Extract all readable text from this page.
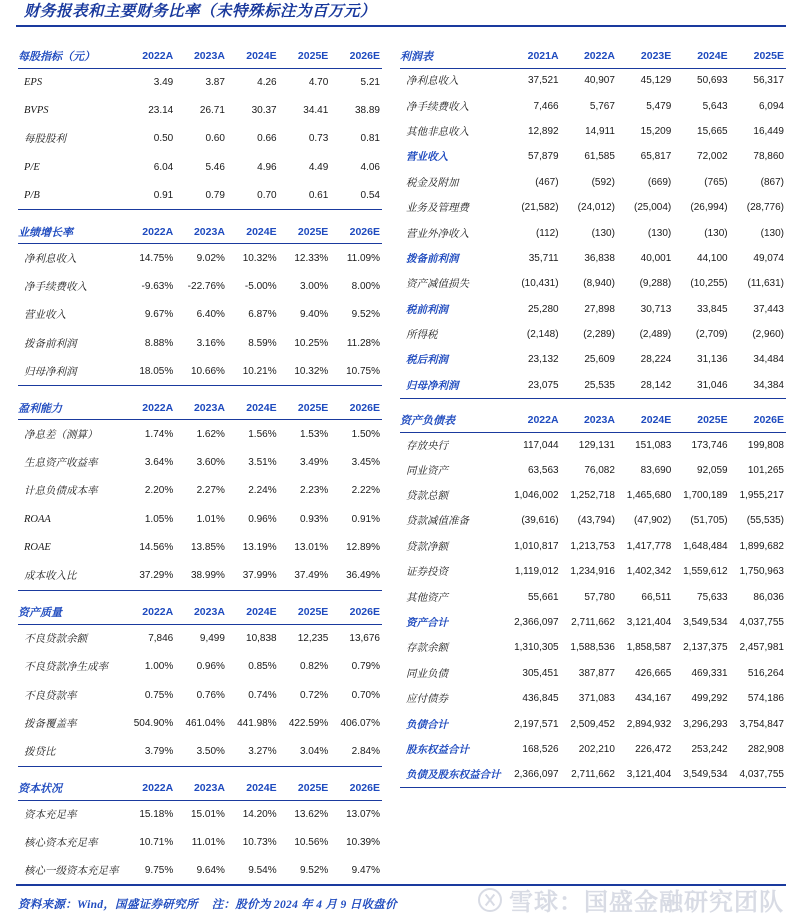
财务报表和主要财务比率（未特殊标注为百万元）
每股指标（元）	2022A	2023A	2024E	2025E	2026E
EPS	3.49	3.87	4.26	4.70	5.21
BVPS	23.14	26.71	30.37	34.41	38.89
每股股利	0.50	0.60	0.66	0.73	0.81
P/E	6.04	5.46	4.96	4.49	4.06
P/B	0.91	0.79	0.70	0.61	0.54

业绩增长率	2022A	2023A	2024E	2025E	2026E
净利息收入	14.75%	9.02%	10.32%	12.33%	11.09%
净手续费收入	-9.63%	-22.76%	-5.00%	3.00%	8.00%
营业收入	9.67%	6.40%	6.87%	9.40%	9.52%
拨备前利润	8.88%	3.16%	8.59%	10.25%	11.28%
归母净利润	18.05%	10.66%	10.21%	10.32%	10.75%

盈利能力	2022A	2023A	2024E	2025E	2026E
净息差（测算）	1.74%	1.62%	1.56%	1.53%	1.50%
生息资产收益率	3.64%	3.60%	3.51%	3.49%	3.45%
计息负债成本率	2.20%	2.27%	2.24%	2.23%	2.22%
ROAA	1.05%	1.01%	0.96%	0.93%	0.91%
ROAE	14.56%	13.85%	13.19%	13.01%	12.89%
成本收入比	37.29%	38.99%	37.99%	37.49%	36.49%

资产质量	2022A	2023A	2024E	2025E	2026E
不良贷款余额	7,846	9,499	10,838	12,235	13,676
不良贷款净生成率	1.00%	0.96%	0.85%	0.82%	0.79%
不良贷款率	0.75%	0.76%	0.74%	0.72%	0.70%
拨备覆盖率	504.90%	461.04%	441.98%	422.59%	406.07%
拨贷比	3.79%	3.50%	3.27%	3.04%	2.84%

资本状况	2022A	2023A	2024E	2025E	2026E
资本充足率	15.18%	15.01%	14.20%	13.62%	13.07%
核心资本充足率	10.71%	11.01%	10.73%	10.56%	10.39%
核心一级资本充足率	9.75%	9.64%	9.54%	9.52%	9.47%
利润表	2021A	2022A	2023E	2024E	2025E
净利息收入	37,521	40,907	45,129	50,693	56,317
净手续费收入	7,466	5,767	5,479	5,643	6,094
其他非息收入	12,892	14,911	15,209	15,665	16,449
营业收入	57,879	61,585	65,817	72,002	78,860
税金及附加	(467)	(592)	(669)	(765)	(867)
业务及管理费	(21,582)	(24,012)	(25,004)	(26,994)	(28,776)
营业外净收入	(112)	(130)	(130)	(130)	(130)
拨备前利润	35,711	36,838	40,001	44,100	49,074
资产减值损失	(10,431)	(8,940)	(9,288)	(10,255)	(11,631)
税前利润	25,280	27,898	30,713	33,845	37,443
所得税	(2,148)	(2,289)	(2,489)	(2,709)	(2,960)
税后利润	23,132	25,609	28,224	31,136	34,484
归母净利润	23,075	25,535	28,142	31,046	34,384

资产负债表	2022A	2023A	2024E	2025E	2026E
存放央行	117,044	129,131	151,083	173,746	199,808
同业资产	63,563	76,082	83,690	92,059	101,265
贷款总额	1,046,002	1,252,718	1,465,680	1,700,189	1,955,217
贷款减值准备	(39,616)	(43,794)	(47,902)	(51,705)	(55,535)
贷款净额	1,010,817	1,213,753	1,417,778	1,648,484	1,899,682
证券投资	1,119,012	1,234,916	1,402,342	1,559,612	1,750,963
其他资产	55,661	57,780	66,511	75,633	86,036
资产合计	2,366,097	2,711,662	3,121,404	3,549,534	4,037,755
存款余额	1,310,305	1,588,536	1,858,587	2,137,375	2,457,981
同业负债	305,451	387,877	426,665	469,331	516,264
应付债券	436,845	371,083	434,167	499,292	574,186
负债合计	2,197,571	2,509,452	2,894,932	3,296,293	3,754,847
股东权益合计	168,526	202,210	226,472	253,242	282,908
负债及股东权益合计	2,366,097	2,711,662	3,121,404	3,549,534	4,037,755
资料来源：Wind，国盛证券研究所 注：股价为 2024 年 4 月 9 日收盘价	雪球：国盛金融研究团队
